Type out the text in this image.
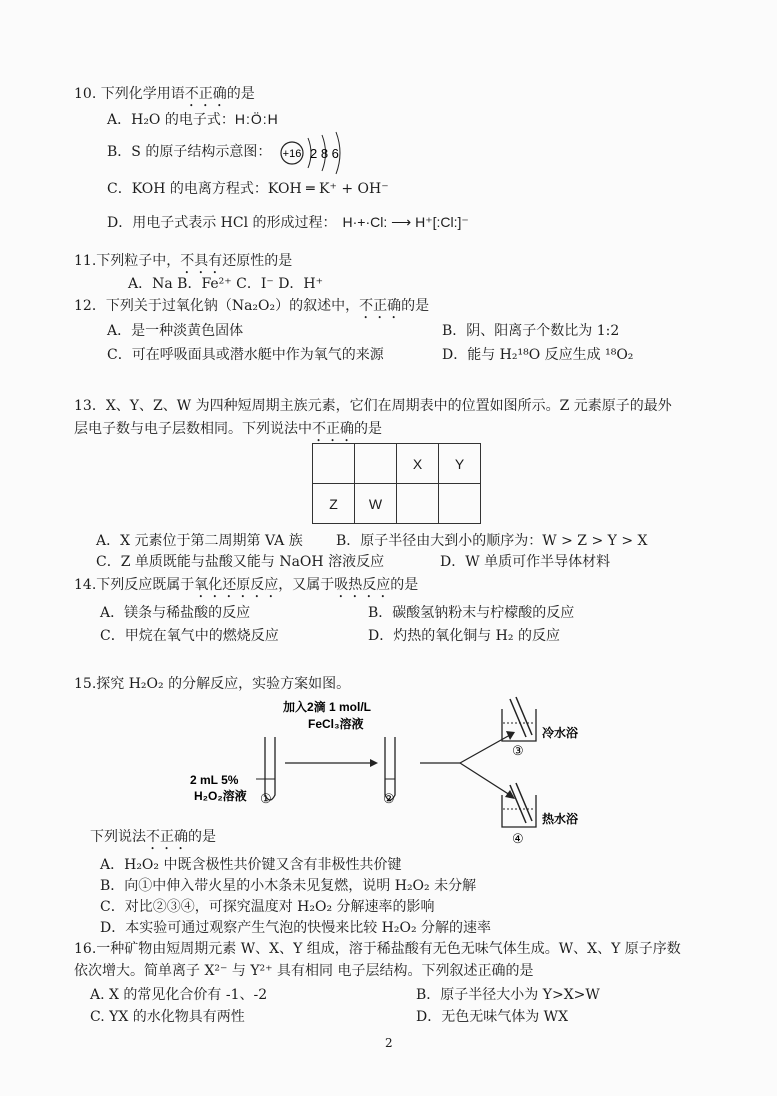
10. 下列化学用语不正确的是
A．H₂O 的电子式：H:Ö:H
B．S 的原子结构示意图： +16 2 8 6
C．KOH 的电离方程式：KOH ═ K⁺ + OH⁻
D．用电子式表示 HCl 的形成过程： H·+·Cl: ⟶ H⁺[:Cl:]⁻
11.下列粒子中，不具有还原性的是
A．Na B．Fe²⁺ C．I⁻ D．H⁺
12．下列关于过氧化钠（Na₂O₂）的叙述中，不正确的是
A．是一种淡黄色固体	B．阴、阳离子个数比为 1:2
C．可在呼吸面具或潜水艇中作为氧气的来源	D．能与 H₂¹⁸O 反应生成 ¹⁸O₂
13．X、Y、Z、W 为四种短周期主族元素，它们在周期表中的位置如图所示。Z 元素原子的最外
层电子数与电子层数相同。下列说法中不正确的是
		X	Y
Z	W		
A．X 元素位于第二周期第 VA 族 B．原子半径由大到小的顺序为：W > Z > Y > X
C．Z 单质既能与盐酸又能与 NaOH 溶液反应	D．W 单质可作半导体材料
14.下列反应既属于氧化还原反应，又属于吸热反应的是
A．镁条与稀盐酸的反应	B．碳酸氢钠粉末与柠檬酸的反应
C．甲烷在氧气中的燃烧反应	D．灼热的氧化铜与 H₂ 的反应
15.探究 H₂O₂ 的分解反应，实验方案如图。
2 mL 5%
H₂O₂溶液 ①
加入2滴 1 mol/L
FeCl₃溶液
②
③
冷水浴
④
热水浴
下列说法不正确的是
A．H₂O₂ 中既含极性共价键又含有非极性共价键
B．向①中伸入带火星的小木条未见复燃，说明 H₂O₂ 未分解
C．对比②③④，可探究温度对 H₂O₂ 分解速率的影响
D．本实验可通过观察产生气泡的快慢来比较 H₂O₂ 分解的速率
16.一种矿物由短周期元素 W、X、Y 组成，溶于稀盐酸有无色无味气体生成。W、X、Y 原子序数
依次增大。简单离子 X²⁻ 与 Y²⁺ 具有相同 电子层结构。下列叙述正确的是
A. X 的常见化合价有 -1、-2	B．原子半径大小为 Y>X>W
C. YX 的水化物具有两性	D．无色无味气体为 WX
2
